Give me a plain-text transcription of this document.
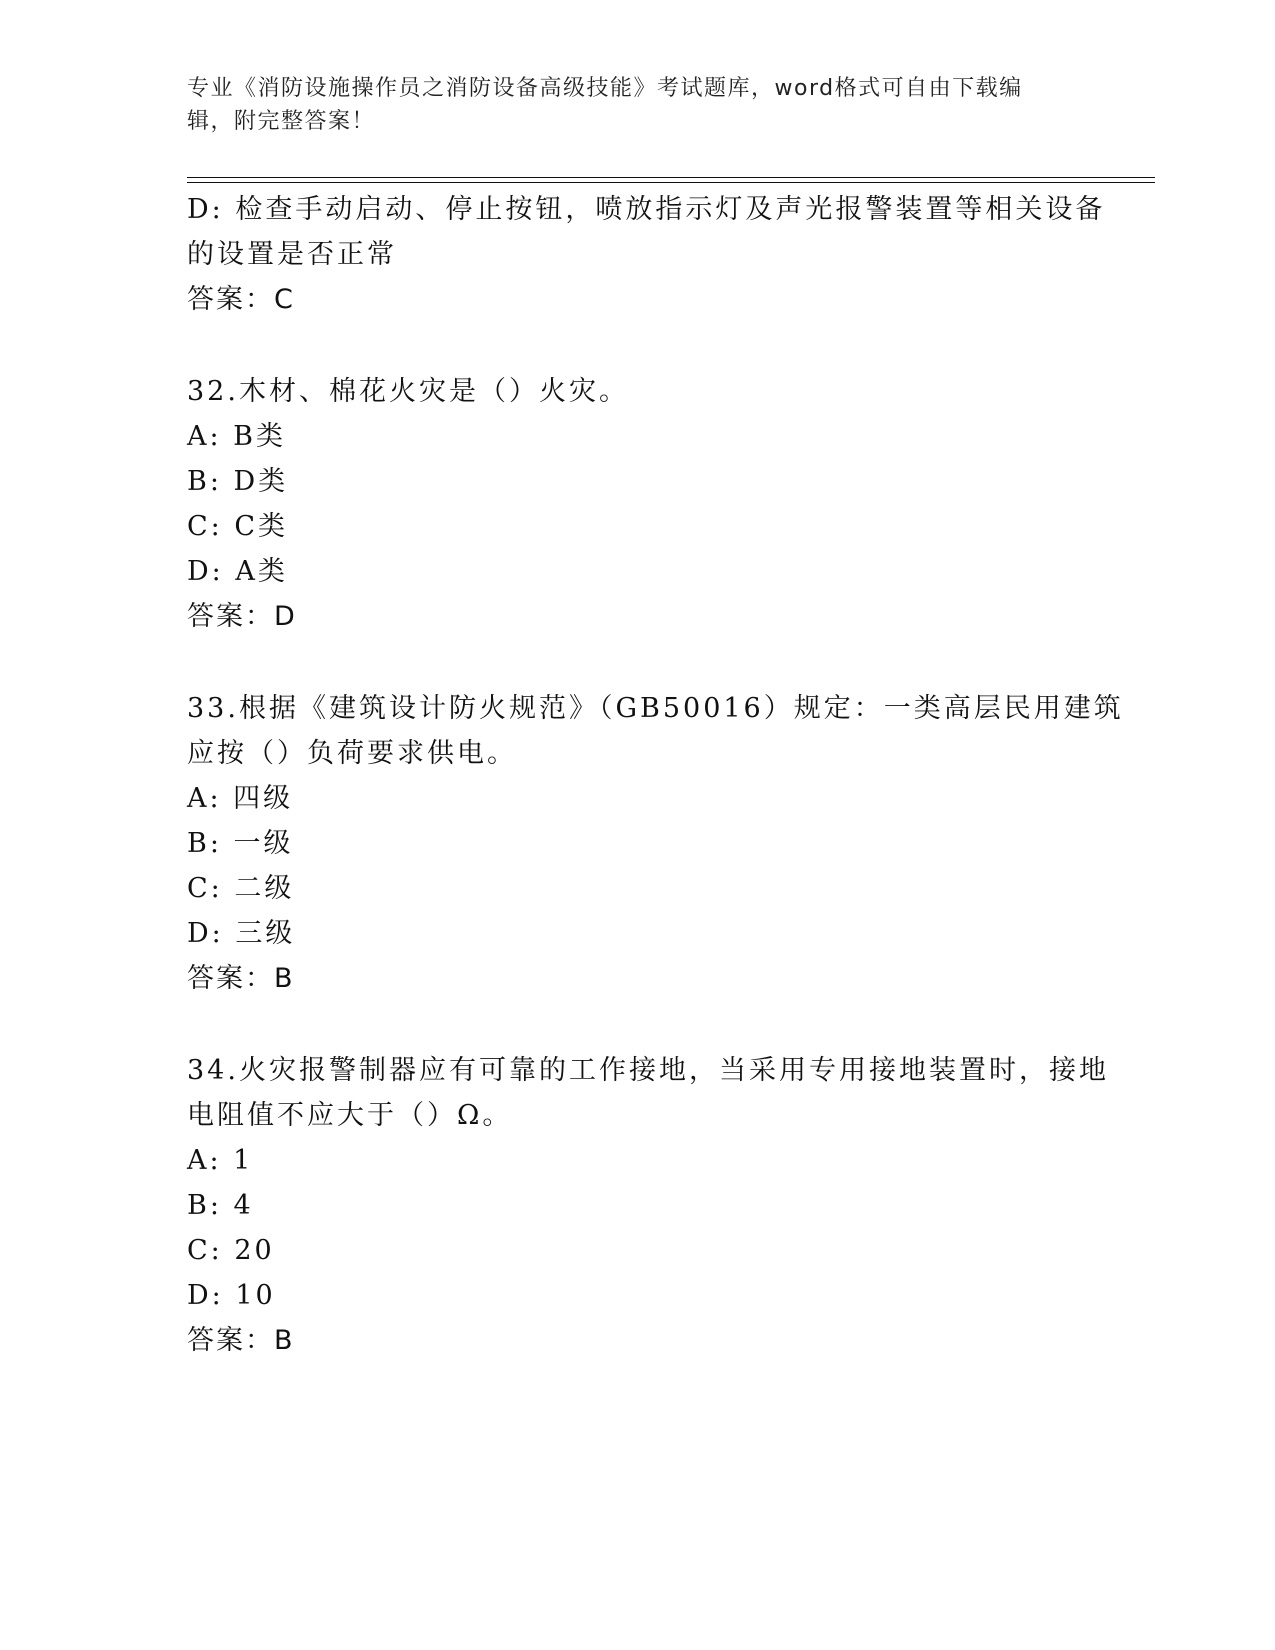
专业《消防设施操作员之消防设备高级技能》考试题库，word格式可自由下载编辑，附完整答案！
D: 检查手动启动、停止按钮，喷放指示灯及声光报警装置等相关设备
的设置是否正常
答案：C
32.木材、棉花火灾是（）火灾。
A: B类
B: D类
C: C类
D: A类
答案：D
33.根据《建筑设计防火规范》（GB50016）规定：一类高层民用建筑
应按（）负荷要求供电。
A: 四级
B: 一级
C: 二级
D: 三级
答案：B
34.火灾报警制器应有可靠的工作接地，当采用专用接地装置时，接地
电阻值不应大于（）Ω。
A: 1
B: 4
C: 20
D: 10
答案：B
